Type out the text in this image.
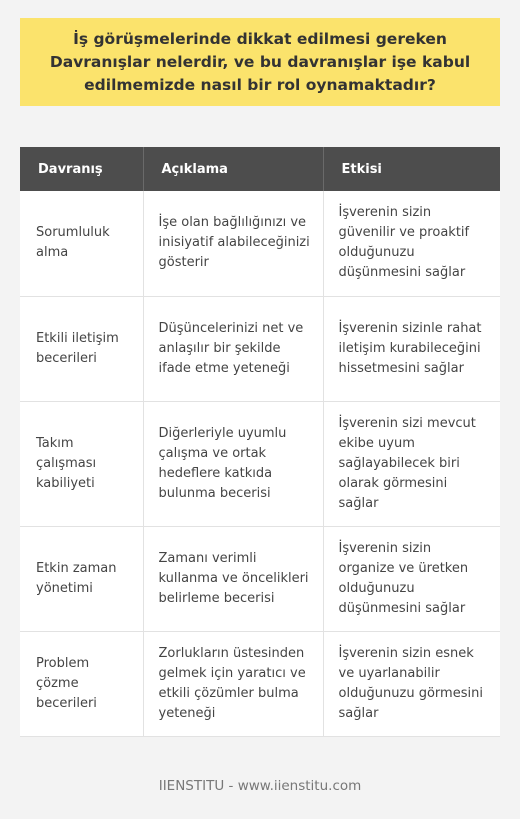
İş görüşmelerinde dikkat edilmesi gereken Davranışlar nelerdir, ve bu davranışlar işe kabul edilmemizde nasıl bir rol oynamaktadır?
Davranış	Açıklama	Etkisi
Sorumluluk alma	İşe olan bağlılığınızı ve inisiyatif alabileceğinizi gösterir	İşverenin sizin güvenilir ve proaktif olduğunuzu düşünmesini sağlar
Etkili iletişim becerileri	Düşüncelerinizi net ve anlaşılır bir şekilde ifade etme yeteneği	İşverenin sizinle rahat iletişim kurabileceğini hissetmesini sağlar
Takım çalışması kabiliyeti	Diğerleriyle uyumlu çalışma ve ortak hedeflere katkıda bulunma becerisi	İşverenin sizi mevcut ekibe uyum sağlayabilecek biri olarak görmesini sağlar
Etkin zaman yönetimi	Zamanı verimli kullanma ve öncelikleri belirleme becerisi	İşverenin sizin organize ve üretken olduğunuzu düşünmesini sağlar
Problem çözme becerileri	Zorlukların üstesinden gelmek için yaratıcı ve etkili çözümler bulma yeteneği	İşverenin sizin esnek ve uyarlanabilir olduğunuzu görmesini sağlar
IIENSTITU - www.iienstitu.com
